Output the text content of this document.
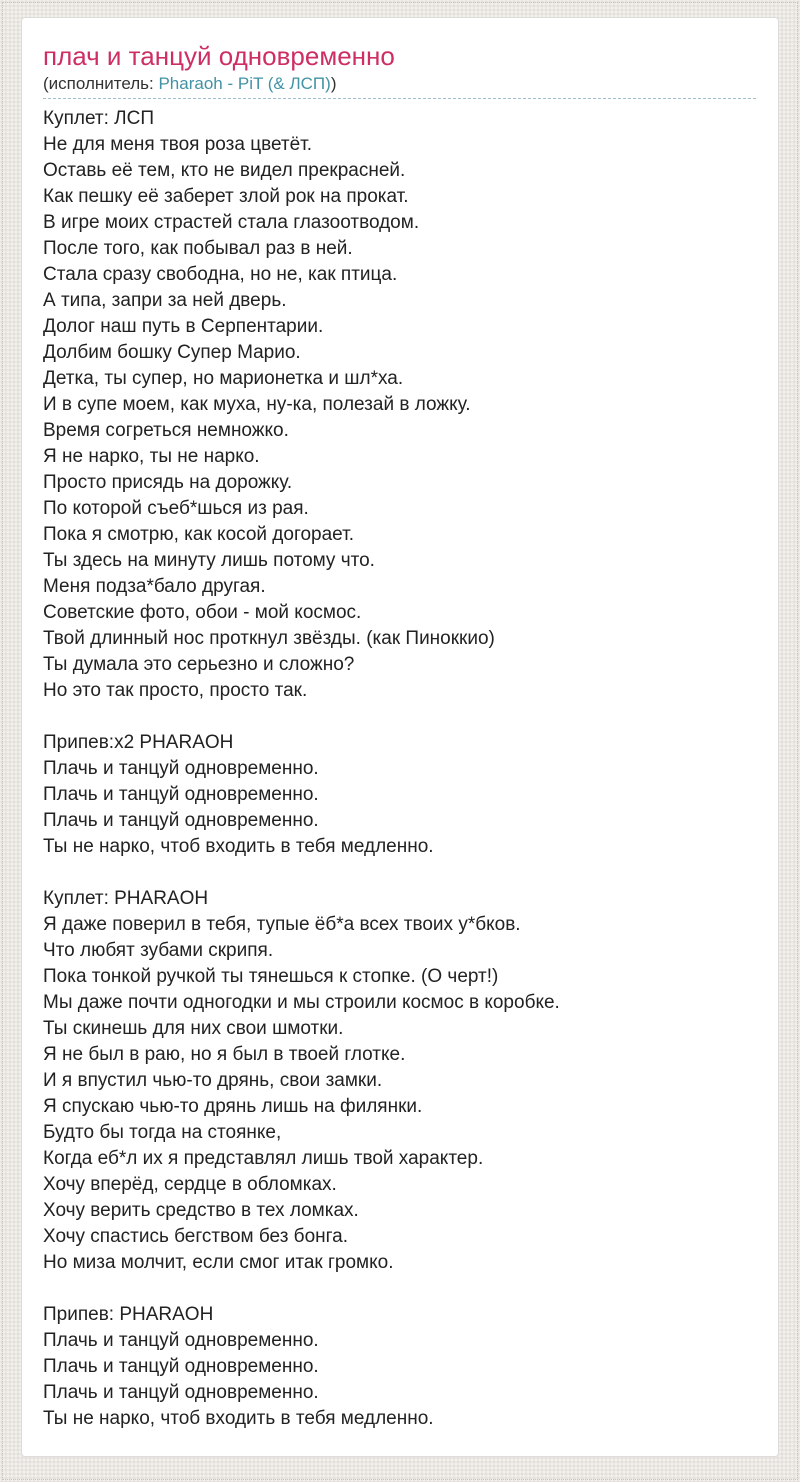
плач и танцуй одновременно
(исполнитель: Pharaoh - PiT (& ЛСП))
Куплет: ЛСП
Не для меня твоя роза цветёт.
Оставь её тем, кто не видел прекрасней.
Как пешку её заберет злой рок на прокат.
В игре моих страстей стала глазоотводом.
После того, как побывал раз в ней.
Стала сразу свободна, но не, как птица.
А типа, запри за ней дверь.
Долог наш путь в Серпентарии.
Долбим бошку Супер Марио.
Детка, ты супер, но марионетка и шл*ха.
И в супе моем, как муха, ну-ка, полезай в ложку.
Время согреться немножко.
Я не нарко, ты не нарко.
Просто присядь на дорожку.
По которой съеб*шься из рая.
Пока я смотрю, как косой догорает.
Ты здесь на минуту лишь потому что.
Меня подза*бало другая.
Советские фото, обои - мой космос.
Твой длинный нос проткнул звёзды. (как Пиноккио)
Ты думала это серьезно и сложно?
Но это так просто, просто так.
Припев:x2 PHARAOH
Плачь и танцуй одновременно.
Плачь и танцуй одновременно.
Плачь и танцуй одновременно.
Ты не нарко, чтоб входить в тебя медленно.
Куплет: PHARAOH
Я даже поверил в тебя, тупые ёб*а всех твоих у*бков.
Что любят зубами скрипя.
Пока тонкой ручкой ты тянешься к стопке. (О черт!)
Мы даже почти одногодки и мы строили космос в коробке.
Ты скинешь для них свои шмотки.
Я не был в раю, но я был в твоей глотке.
И я впустил чью-то дрянь, свои замки.
Я спускаю чью-то дрянь лишь на филянки.
Будто бы тогда на стоянке,
Когда еб*л их я представлял лишь твой характер.
Хочу вперёд, сердце в обломках.
Хочу верить средство в тех ломках.
Хочу спастись бегством без бонга.
Но миза молчит, если смог итак громко.
Припев: PHARAOH
Плачь и танцуй одновременно.
Плачь и танцуй одновременно.
Плачь и танцуй одновременно.
Ты не нарко, чтоб входить в тебя медленно.
